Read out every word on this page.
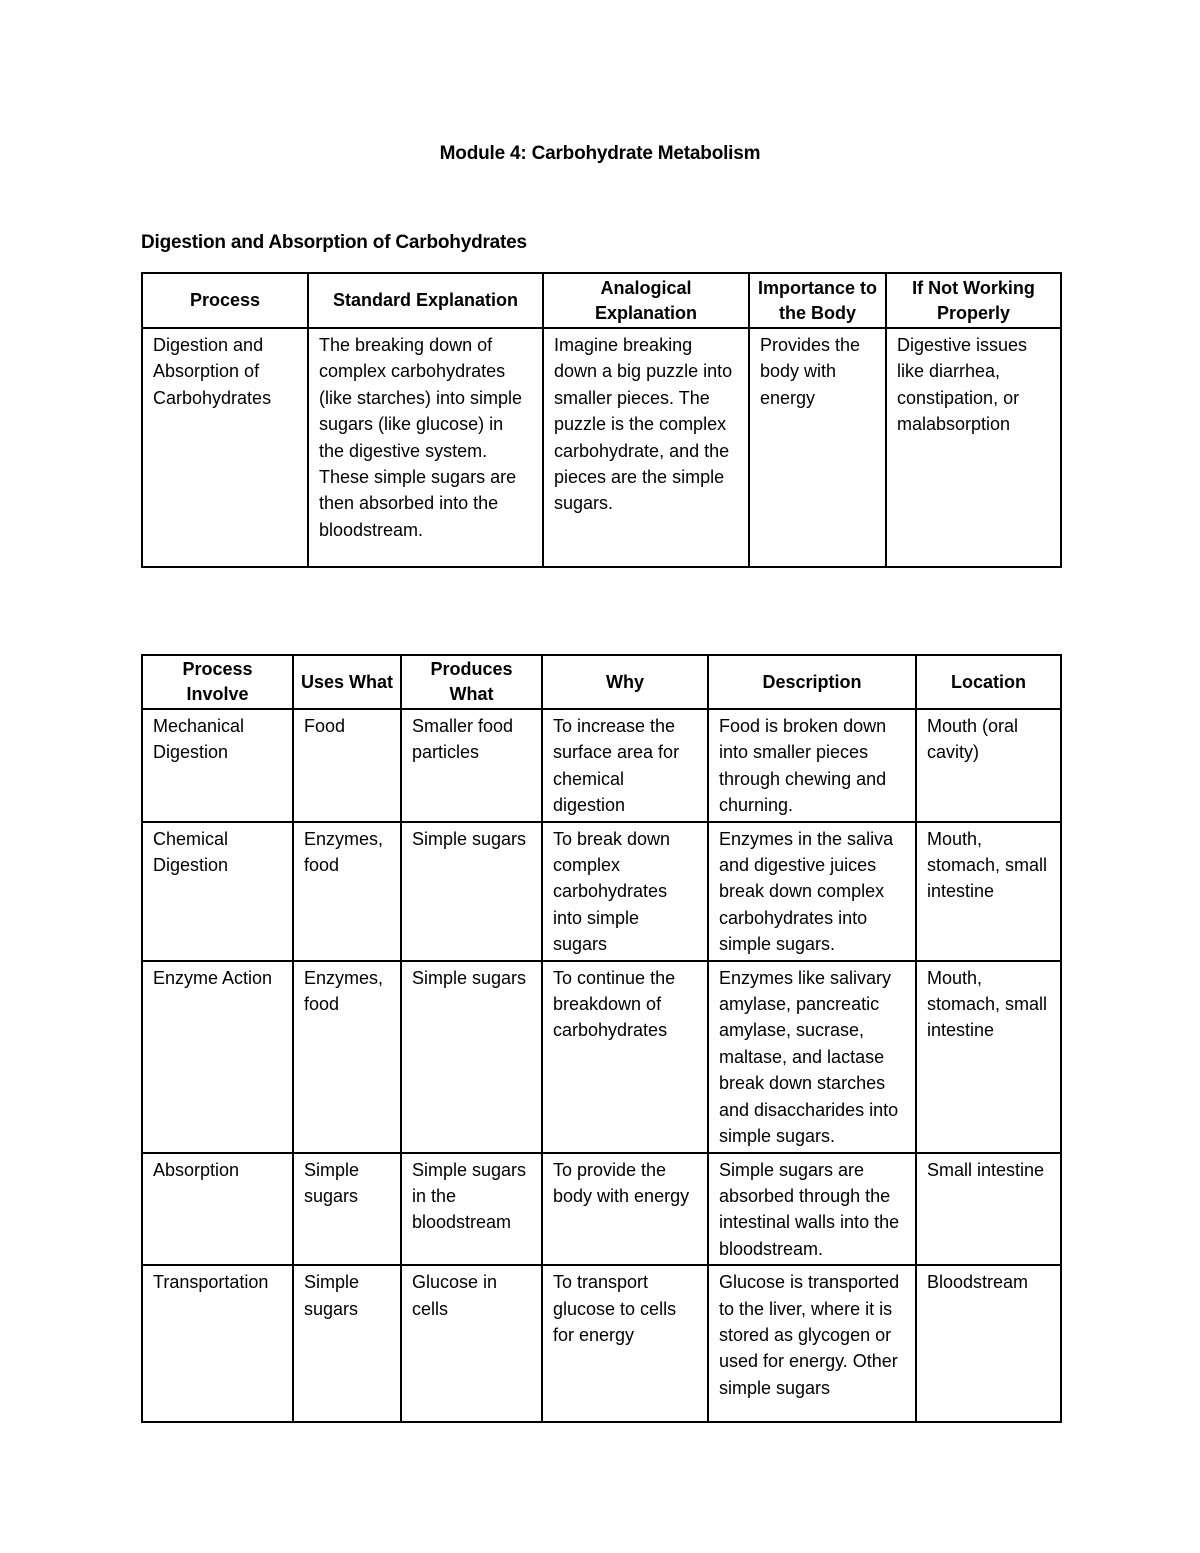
Module 4: Carbohydrate Metabolism
Digestion and Absorption of Carbohydrates
Process	Standard Explanation	Analogical Explanation	Importance to the Body	If Not Working Properly
Digestion and Absorption of Carbohydrates	The breaking down of complex carbohydrates (like starches) into simple sugars (like glucose) in the digestive system. These simple sugars are then absorbed into the bloodstream.	Imagine breaking down a big puzzle into smaller pieces. The puzzle is the complex carbohydrate, and the pieces are the simple sugars.	Provides the body with energy	Digestive issues like diarrhea, constipation, or malabsorption
Process Involve	Uses What	Produces What	Why	Description	Location
Mechanical Digestion	Food	Smaller food particles	To increase the surface area for chemical digestion	Food is broken down into smaller pieces through chewing and churning.	Mouth (oral cavity)
Chemical Digestion	Enzymes, food	Simple sugars	To break down complex carbohydrates into simple sugars	Enzymes in the saliva and digestive juices break down complex carbohydrates into simple sugars.	Mouth, stomach, small intestine
Enzyme Action	Enzymes, food	Simple sugars	To continue the breakdown of carbohydrates	Enzymes like salivary amylase, pancreatic amylase, sucrase, maltase, and lactase break down starches and disaccharides into simple sugars.	Mouth, stomach, small intestine
Absorption	Simple sugars	Simple sugars in the bloodstream	To provide the body with energy	Simple sugars are absorbed through the intestinal walls into the bloodstream.	Small intestine
Transportation	Simple sugars	Glucose in cells	To transport glucose to cells for energy	Glucose is transported to the liver, where it is stored as glycogen or used for energy. Other simple sugars	Bloodstream
